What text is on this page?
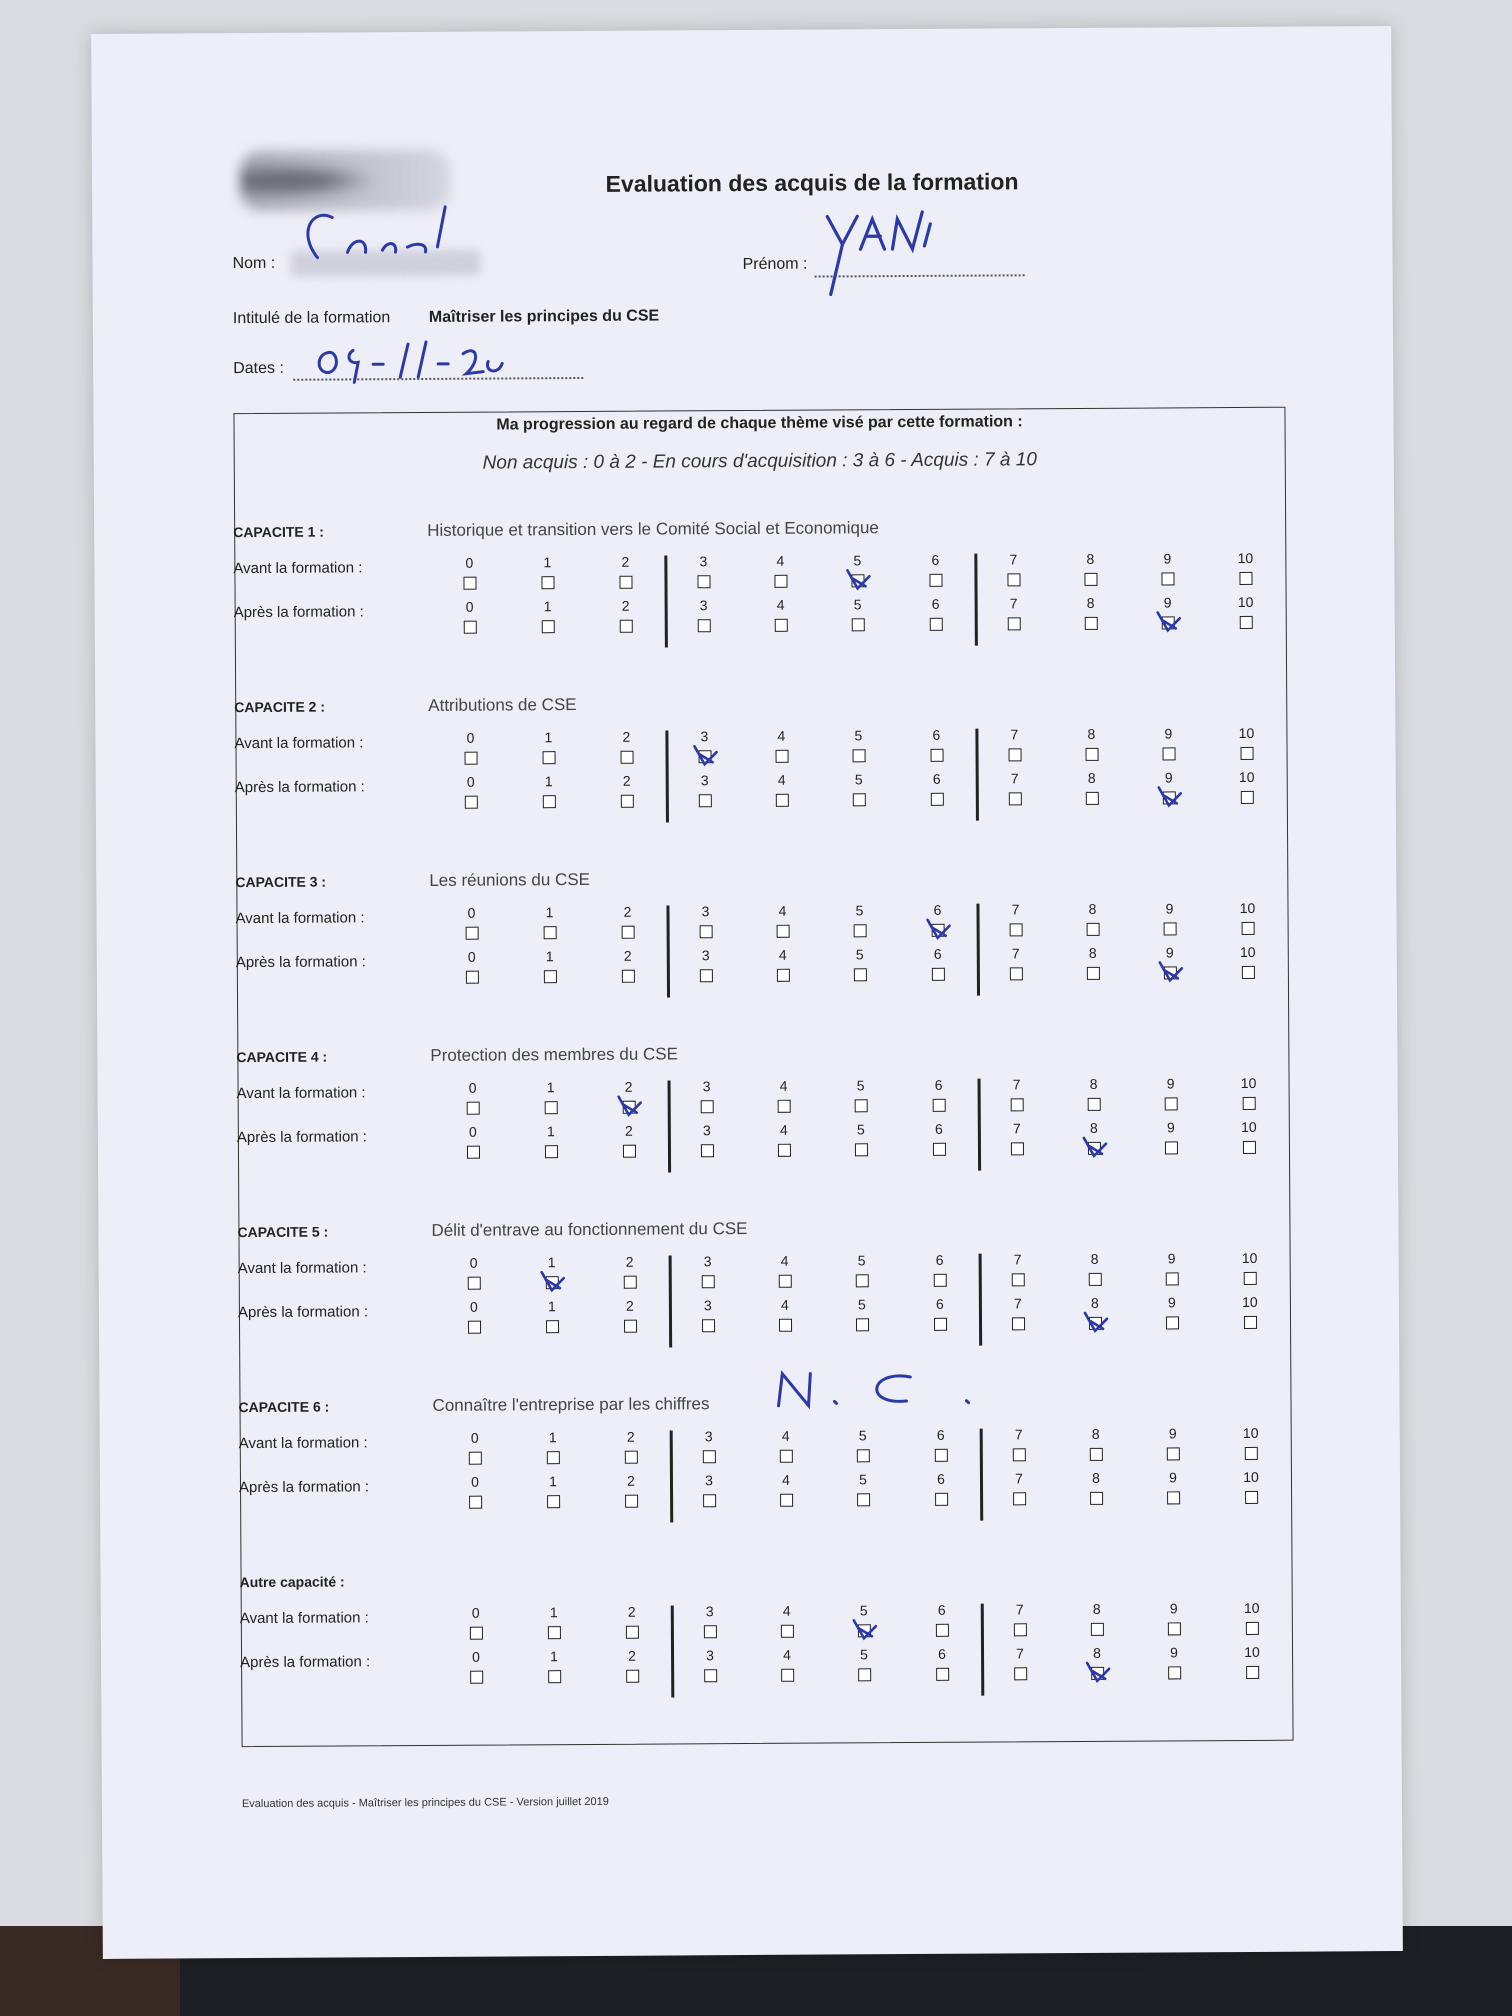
Evaluation des acquis de la formation
Nom :	Prénom :
Intitulé de la formation Maîtriser les principes du CSE
Dates :
Ma progression au regard de chaque thème visé par cette formation :
Non acquis : 0 à 2 - En cours d'acquisition : 3 à 6 - Acquis : 7 à 10
CAPACITE 1 :	Historique et transition vers le Comité Social et Economique
Avant la formation :	0	1	2	3	4	5	6	7	8	9	10
Après la formation :	0	1	2	3	4	5	6	7	8	9	10
CAPACITE 2 :	Attributions de CSE
Avant la formation :	0	1	2	3	4	5	6	7	8	9	10
Après la formation :	0	1	2	3	4	5	6	7	8	9	10
CAPACITE 3 :	Les réunions du CSE
Avant la formation :	0	1	2	3	4	5	6	7	8	9	10
Après la formation :	0	1	2	3	4	5	6	7	8	9	10
CAPACITE 4 :	Protection des membres du CSE
Avant la formation :	0	1	2	3	4	5	6	7	8	9	10
Après la formation :	0	1	2	3	4	5	6	7	8	9	10
CAPACITE 5 :	Délit d'entrave au fonctionnement du CSE
Avant la formation :	0	1	2	3	4	5	6	7	8	9	10
Après la formation :	0	1	2	3	4	5	6	7	8	9	10
CAPACITE 6 :	Connaître l'entreprise par les chiffres
Avant la formation :	0	1	2	3	4	5	6	7	8	9	10
Après la formation :	0	1	2	3	4	5	6	7	8	9	10
Autre capacité :
Avant la formation :	0	1	2	3	4	5	6	7	8	9	10
Après la formation :	0	1	2	3	4	5	6	7	8	9	10
Evaluation des acquis - Maîtriser les principes du CSE - Version juillet 2019
